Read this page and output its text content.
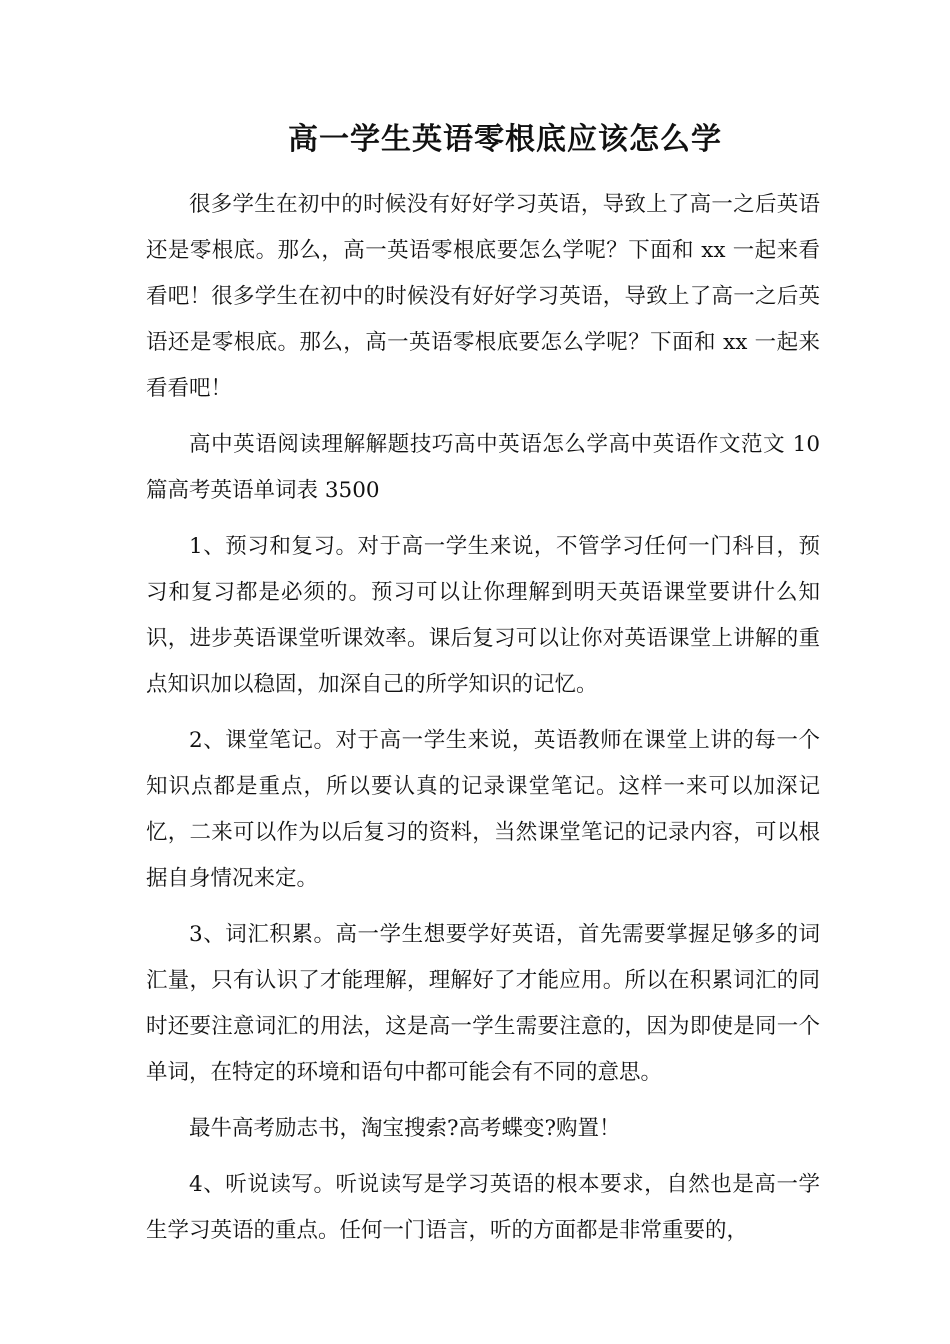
高一学生英语零根底应该怎么学

很多学生在初中的时候没有好好学习英语，导致上了高一之后英语还是零根底。那么，高一英语零根底要怎么学呢？下面和 xx 一起来看看吧！很多学生在初中的时候没有好好学习英语，导致上了高一之后英语还是零根底。那么，高一英语零根底要怎么学呢？下面和 xx 一起来看看吧！

高中英语阅读理解解题技巧高中英语怎么学高中英语作文范文 10 篇高考英语单词表 3500

1、预习和复习。对于高一学生来说，不管学习任何一门科目，预习和复习都是必须的。预习可以让你理解到明天英语课堂要讲什么知识，进步英语课堂听课效率。课后复习可以让你对英语课堂上讲解的重点知识加以稳固，加深自己的所学知识的记忆。

2、课堂笔记。对于高一学生来说，英语教师在课堂上讲的每一个知识点都是重点，所以要认真的记录课堂笔记。这样一来可以加深记忆，二来可以作为以后复习的资料，当然课堂笔记的记录内容，可以根据自身情况来定。

3、词汇积累。高一学生想要学好英语，首先需要掌握足够多的词汇量，只有认识了才能理解，理解好了才能应用。所以在积累词汇的同时还要注意词汇的用法，这是高一学生需要注意的，因为即使是同一个单词，在特定的环境和语句中都可能会有不同的意思。

最牛高考励志书，淘宝搜索?高考蝶变?购置！

4、听说读写。听说读写是学习英语的根本要求，自然也是高一学生学习英语的重点。任何一门语言，听的方面都是非常重要的，
